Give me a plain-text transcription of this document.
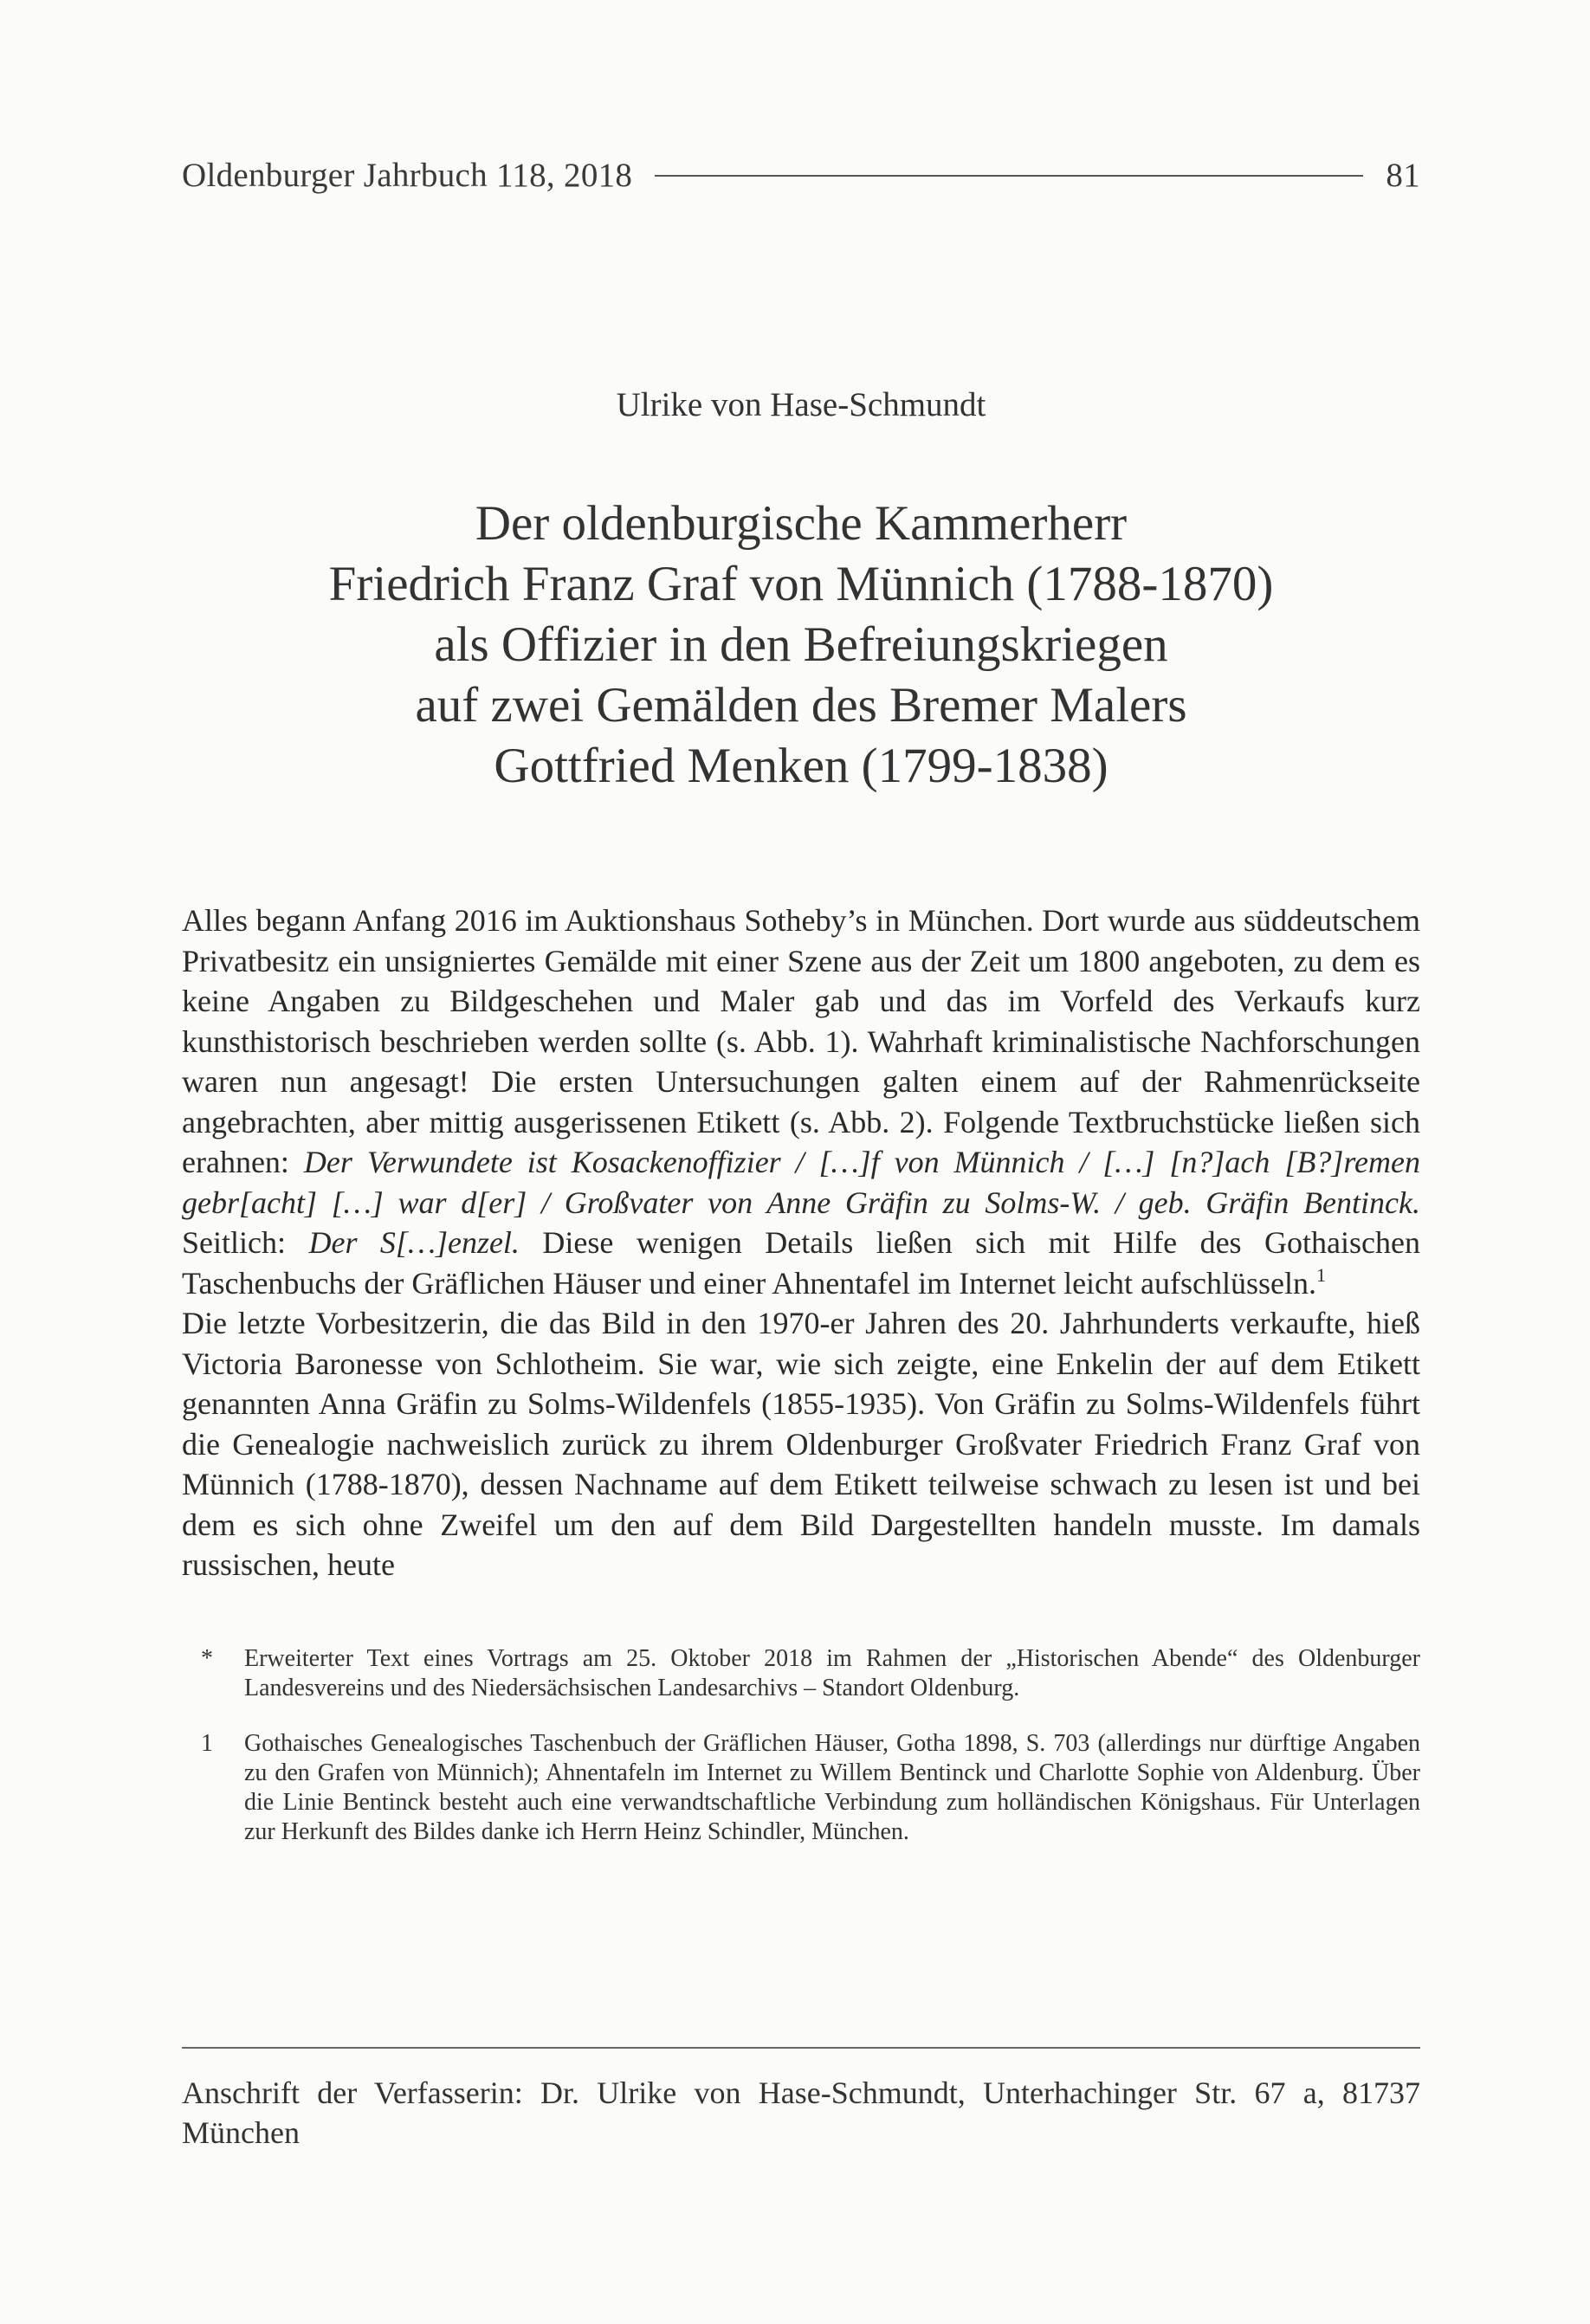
Oldenburger Jahrbuch 118, 2018	81
Ulrike von Hase-Schmundt
Der oldenburgische Kammerherr
Friedrich Franz Graf von Münnich (1788-1870)
als Offizier in den Befreiungskriegen
auf zwei Gemälden des Bremer Malers
Gottfried Menken (1799-1838)

Alles begann Anfang 2016 im Auktionshaus Sotheby’s in München. Dort wurde aus süddeutschem Privatbesitz ein unsigniertes Gemälde mit einer Szene aus der Zeit um 1800 angeboten, zu dem es keine Angaben zu Bildgeschehen und Maler gab und das im Vorfeld des Verkaufs kurz kunsthistorisch beschrieben werden sollte (s. Abb. 1). Wahrhaft kriminalistische Nachforschungen waren nun angesagt! Die ersten Untersuchungen galten einem auf der Rahmenrückseite angebrachten, aber mittig ausgerissenen Etikett (s. Abb. 2). Folgende Textbruchstücke ließen sich erahnen: Der Verwundete ist Kosackenoffizier / […]f von Münnich / […] [n?]ach [B?]remen gebr[acht] […] war d[er] / Großvater von Anne Gräfin zu Solms-W. / geb. Gräfin Bentinck. Seitlich: Der S[…]enzel. Diese wenigen Details ließen sich mit Hilfe des Gothaischen Taschenbuchs der Gräflichen Häuser und einer Ahnentafel im Internet leicht aufschlüsseln.$^1$

Die letzte Vorbesitzerin, die das Bild in den 1970-er Jahren des 20. Jahrhunderts verkaufte, hieß Victoria Baronesse von Schlotheim. Sie war, wie sich zeigte, eine Enkelin der auf dem Etikett genannten Anna Gräfin zu Solms-Wildenfels (1855-1935). Von Gräfin zu Solms-Wildenfels führt die Genealogie nachweislich zurück zu ihrem Oldenburger Großvater Friedrich Franz Graf von Münnich (1788-1870), dessen Nachname auf dem Etikett teilweise schwach zu lesen ist und bei dem es sich ohne Zweifel um den auf dem Bild Dargestellten handeln musste. Im damals russischen, heute

*	Erweiterter Text eines Vortrags am 25. Oktober 2018 im Rahmen der „Historischen Abende“ des Oldenburger Landesvereins und des Niedersächsischen Landesarchivs – Standort Oldenburg.
1	Gothaisches Genealogisches Taschenbuch der Gräflichen Häuser, Gotha 1898, S. 703 (allerdings nur dürftige Angaben zu den Grafen von Münnich); Ahnentafeln im Internet zu Willem Bentinck und Charlotte Sophie von Aldenburg. Über die Linie Bentinck besteht auch eine verwandtschaftliche Verbindung zum holländischen Königshaus. Für Unterlagen zur Herkunft des Bildes danke ich Herrn Heinz Schindler, München.
Anschrift der Verfasserin: Dr. Ulrike von Hase-Schmundt, Unterhachinger Str. 67 a, 81737 München
